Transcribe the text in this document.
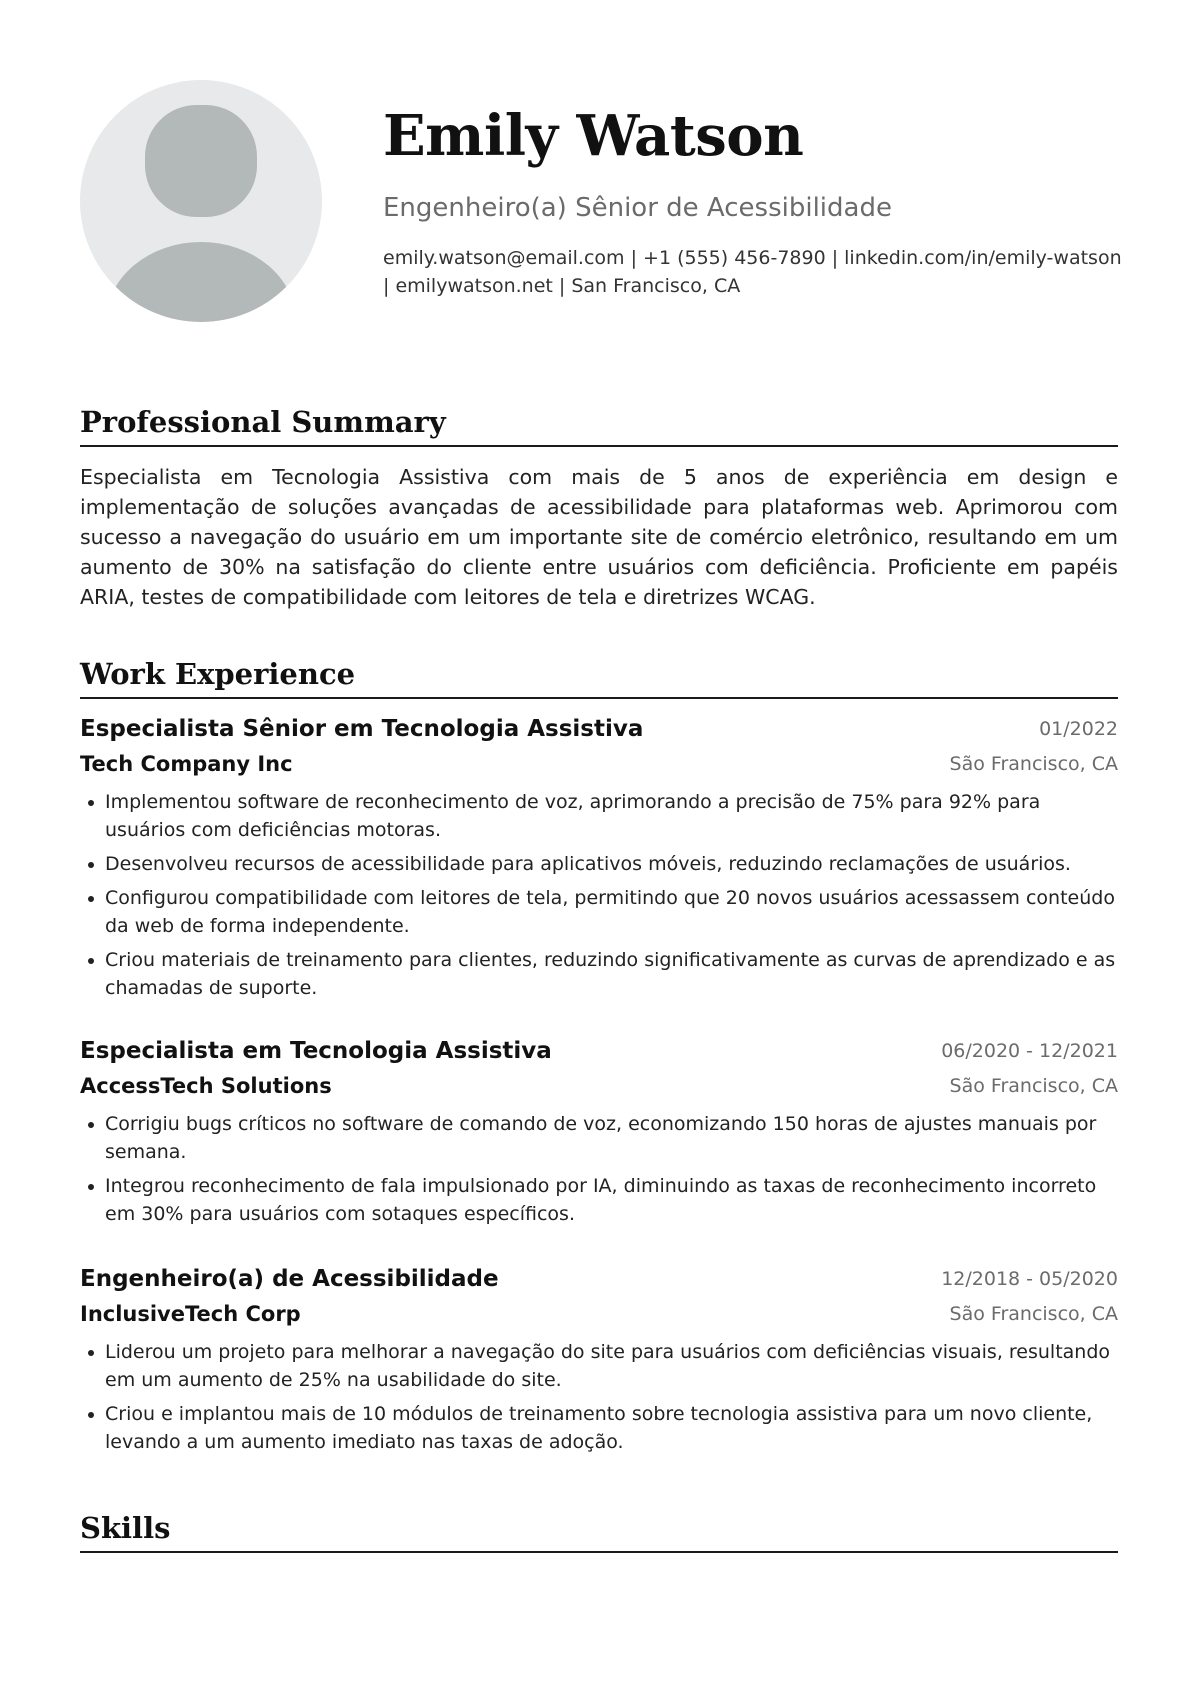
Emily Watson
Engenheiro(a) Sênior de Acessibilidade
emily.watson@email.com | +1 (555) 456-7890 | linkedin.com/in/emily-watson | emilywatson.net | San Francisco, CA
Professional Summary
Especialista em Tecnologia Assistiva com mais de 5 anos de experiência em design e implementação de soluções avançadas de acessibilidade para plataformas web. Aprimorou com sucesso a navegação do usuário em um importante site de comércio eletrônico, resultando em um aumento de 30% na satisfação do cliente entre usuários com deficiência. Proficiente em papéis ARIA, testes de compatibilidade com leitores de tela e diretrizes WCAG.
Work Experience
Especialista Sênior em Tecnologia Assistiva	01/2022
Tech Company Inc	São Francisco, CA
Implementou software de reconhecimento de voz, aprimorando a precisão de 75% para 92% para usuários com deficiências motoras.
Desenvolveu recursos de acessibilidade para aplicativos móveis, reduzindo reclamações de usuários.
Configurou compatibilidade com leitores de tela, permitindo que 20 novos usuários acessassem conteúdo da web de forma independente.
Criou materiais de treinamento para clientes, reduzindo significativamente as curvas de aprendizado e as chamadas de suporte.
Especialista em Tecnologia Assistiva	06/2020 - 12/2021
AccessTech Solutions	São Francisco, CA
Corrigiu bugs críticos no software de comando de voz, economizando 150 horas de ajustes manuais por semana.
Integrou reconhecimento de fala impulsionado por IA, diminuindo as taxas de reconhecimento incorreto em 30% para usuários com sotaques específicos.
Engenheiro(a) de Acessibilidade	12/2018 - 05/2020
InclusiveTech Corp	São Francisco, CA
Liderou um projeto para melhorar a navegação do site para usuários com deficiências visuais, resultando em um aumento de 25% na usabilidade do site.
Criou e implantou mais de 10 módulos de treinamento sobre tecnologia assistiva para um novo cliente, levando a um aumento imediato nas taxas de adoção.
Skills
